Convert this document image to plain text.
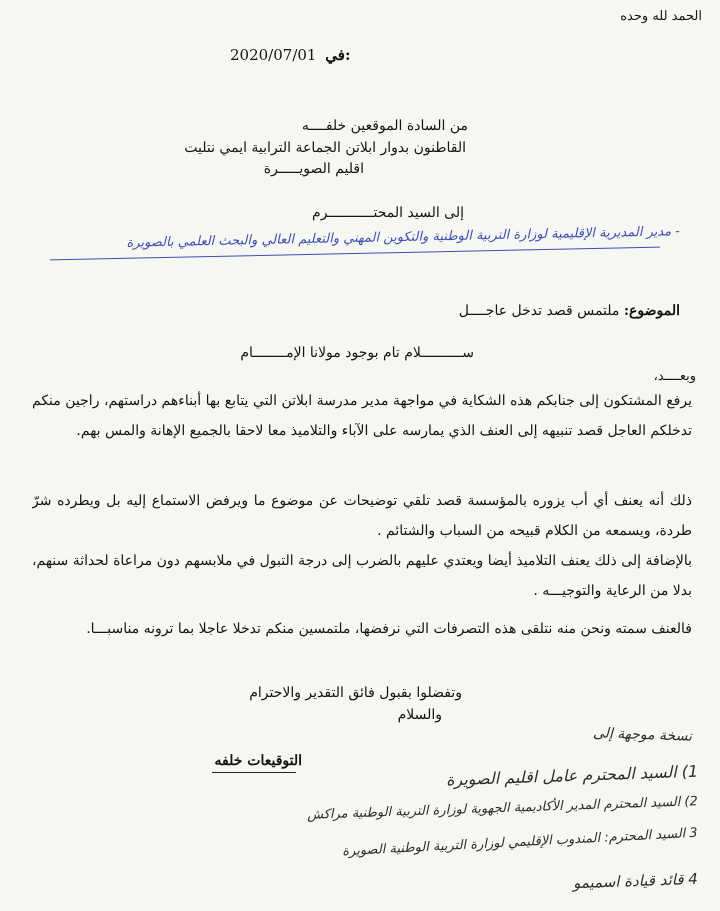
الحمد لله وحده
2020/07/01 في:
من السادة الموقعين خلفــــه
القاطنون بدوار ابلاتن الجماعة الترابية ايمي نتليت
اقليم الصويـــــرة
إلى السيد المحتـــــــــــرم
- مدير المديرية الإقليمية لوزارة التربية الوطنية والتكوين المهني والتعليم العالي والبحث العلمي بالصويرة
الموضوع: ملتمس قصد تدخل عاجــــل
ســــــــــلام تام بوجود مولانا الإمــــــــام
وبعــــد،
يرفع المشتكون إلى جنابكم هذه الشكاية في مواجهة مدير مدرسة ابلاتن التي يتابع بها أبناءهم دراستهم، راجين منكم تدخلكم العاجل قصد تنبيهه إلى العنف الذي يمارسه على الآباء والتلاميذ معا لاحقا بالجميع الإهانة والمس بهم.
ذلك أنه يعنف أي أب يزوره بالمؤسسة قصد تلقي توضيحات عن موضوع ما ويرفض الاستماع إليه بل ويطرده شرّ طردة، ويسمعه من الكلام قبيحه من السباب والشتائم .
بالإضافة إلى ذلك يعنف التلاميذ أيضا ويعتدي عليهم بالضرب إلى درجة التبول في ملابسهم دون مراعاة لحداثة سنهم، بدلا من الرعاية والتوجيـــه .
فالعنف سمته ونحن منه نتلقى هذه التصرفات التي نرفضها، ملتمسين منكم تدخلا عاجلا بما ترونه مناسبـــا.
وتفضلوا بقبول فائق التقدير والاحترام
والسلام
نسخة موجهة إلى
التوقيعات خلفه
1) السيد المحترم عامل اقليم الصويرة
2) السيد المحترم المدير الأكاديمية الجهوية لوزارة التربية الوطنية مراكش
3 السيد المحترم: المندوب الإقليمي لوزارة التربية الوطنية الصويرة
4 قائد قيادة اسميمو
